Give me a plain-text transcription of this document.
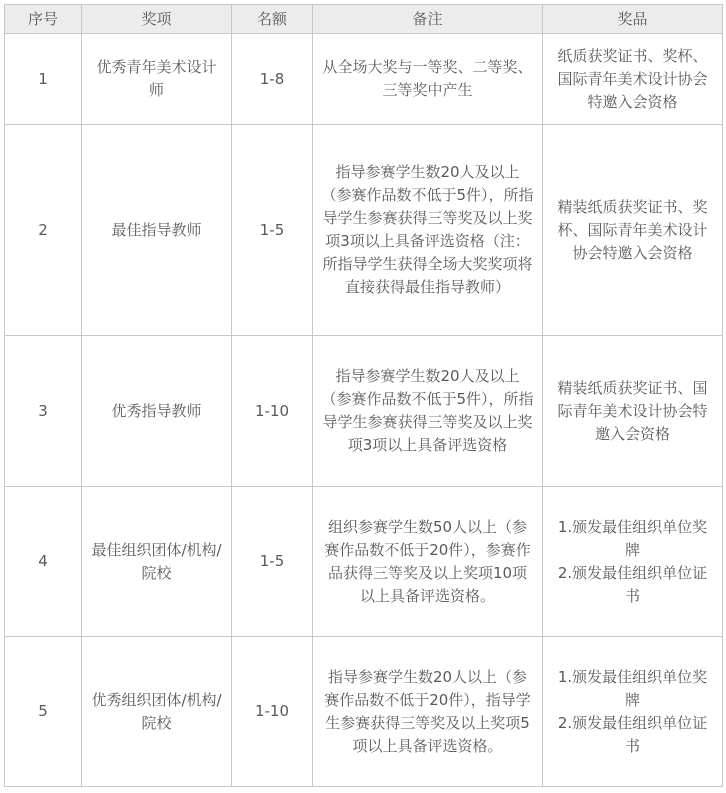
序号	奖项	名额	备注	奖品
1	优秀青年美术设计师	1-8	从全场大奖与一等奖、二等奖、三等奖中产生	纸质获奖证书、奖杯、国际青年美术设计协会特邀入会资格

2	最佳指导教师	1-5	指导参赛学生数20人及以上（参赛作品数不低于5件），所指导学生参赛获得三等奖及以上奖项3项以上具备评选资格（注：所指导学生获得全场大奖奖项将直接获得最佳指导教师）	精装纸质获奖证书、奖杯、国际青年美术设计协会特邀入会资格

3	优秀指导教师	1-10	指导参赛学生数20人及以上（参赛作品数不低于5件），所指导学生参赛获得三等奖及以上奖项3项以上具备评选资格	精装纸质获奖证书、国际青年美术设计协会特邀入会资格

4	最佳组织团体/机构/院校	1-5	组织参赛学生数50人以上（参赛作品数不低于20件），参赛作品获得三等奖及以上奖项10项以上具备评选资格。	1.颁发最佳组织单位奖牌
2.颁发最佳组织单位证书

5	优秀组织团体/机构/院校	1-10	指导参赛学生数20人以上（参赛作品数不低于20件），指导学生参赛获得三等奖及以上奖项5项以上具备评选资格。	1.颁发最佳组织单位奖牌
2.颁发最佳组织单位证书
